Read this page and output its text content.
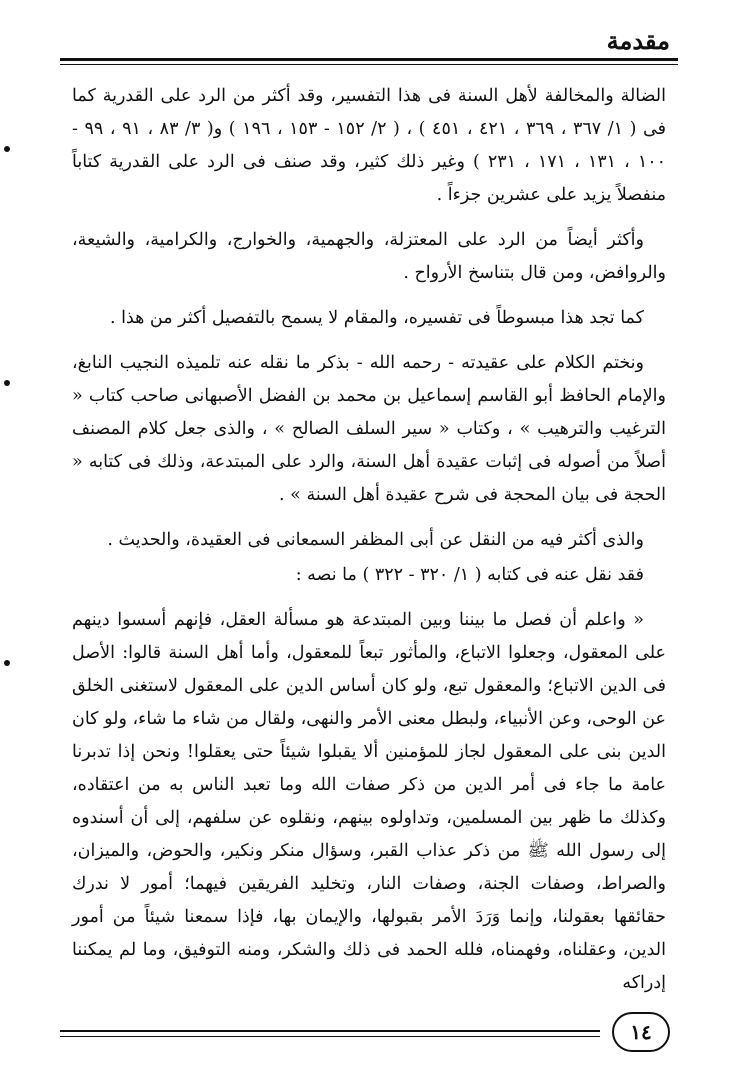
مقدمة

الضالة والمخالفة لأهل السنة فى هذا التفسير، وقد أكثر من الرد على القدرية كما فى ( ١/ ٣٦٧ ، ٣٦٩ ، ٤٢١ ، ٤٥١ ) ، ( ٢/ ١٥٢ - ١٥٣ ، ١٩٦ ) و( ٣/ ٨٣ ، ٩١ ، ٩٩ - ١٠٠ ، ١٣١ ، ١٧١ ، ٢٣١ ) وغير ذلك كثير، وقد صنف فى الرد على القدرية كتاباً منفصلاً يزيد على عشرين جزءاً .

وأكثر أيضاً من الرد على المعتزلة، والجهمية، والخوارج، والكرامية، والشيعة، والروافض، ومن قال بتناسخ الأرواح .

كما تجد هذا مبسوطاً فى تفسيره، والمقام لا يسمح بالتفصيل أكثر من هذا .

ونختم الكلام على عقيدته - رحمه الله - بذكر ما نقله عنه تلميذه النجيب النابغ، والإمام الحافظ أبو القاسم إسماعيل بن محمد بن الفضل الأصبهانى صاحب كتاب « الترغيب والترهيب » ، وكتاب « سير السلف الصالح » ، والذى جعل كلام المصنف أصلاً من أصوله فى إثبات عقيدة أهل السنة، والرد على المبتدعة، وذلك فى كتابه « الحجة فى بيان المحجة فى شرح عقيدة أهل السنة » .

والذى أكثر فيه من النقل عن أبى المظفر السمعانى فى العقيدة، والحديث .

فقد نقل عنه فى كتابه ( ١/ ٣٢٠ - ٣٢٢ ) ما نصه :

« واعلم أن فصل ما بيننا وبين المبتدعة هو مسألة العقل، فإنهم أسسوا دينهم على المعقول، وجعلوا الاتباع، والمأثور تبعاً للمعقول، وأما أهل السنة قالوا: الأصل فى الدين الاتباع؛ والمعقول تبع، ولو كان أساس الدين على المعقول لاستغنى الخلق عن الوحى، وعن الأنبياء، ولبطل معنى الأمر والنهى، ولقال من شاء ما شاء، ولو كان الدين بنى على المعقول لجاز للمؤمنين ألا يقبلوا شيئاً حتى يعقلوا! ونحن إذا تدبرنا عامة ما جاء فى أمر الدين من ذكر صفات الله وما تعبد الناس به من اعتقاده، وكذلك ما ظهر بين المسلمين، وتداولوه بينهم، ونقلوه عن سلفهم، إلى أن أسندوه إلى رسول الله ﷺ من ذكر عذاب القبر، وسؤال منكر ونكير، والحوض، والميزان، والصراط، وصفات الجنة، وصفات النار، وتخليد الفريقين فيهما؛ أمور لا ندرك حقائقها بعقولنا، وإنما وَرَدَ الأمر بقبولها، والإيمان بها، فإذا سمعنا شيئاً من أمور الدين، وعقلناه، وفهمناه، فلله الحمد فى ذلك والشكر، ومنه التوفيق، وما لم يمكننا إدراكه

١٤
